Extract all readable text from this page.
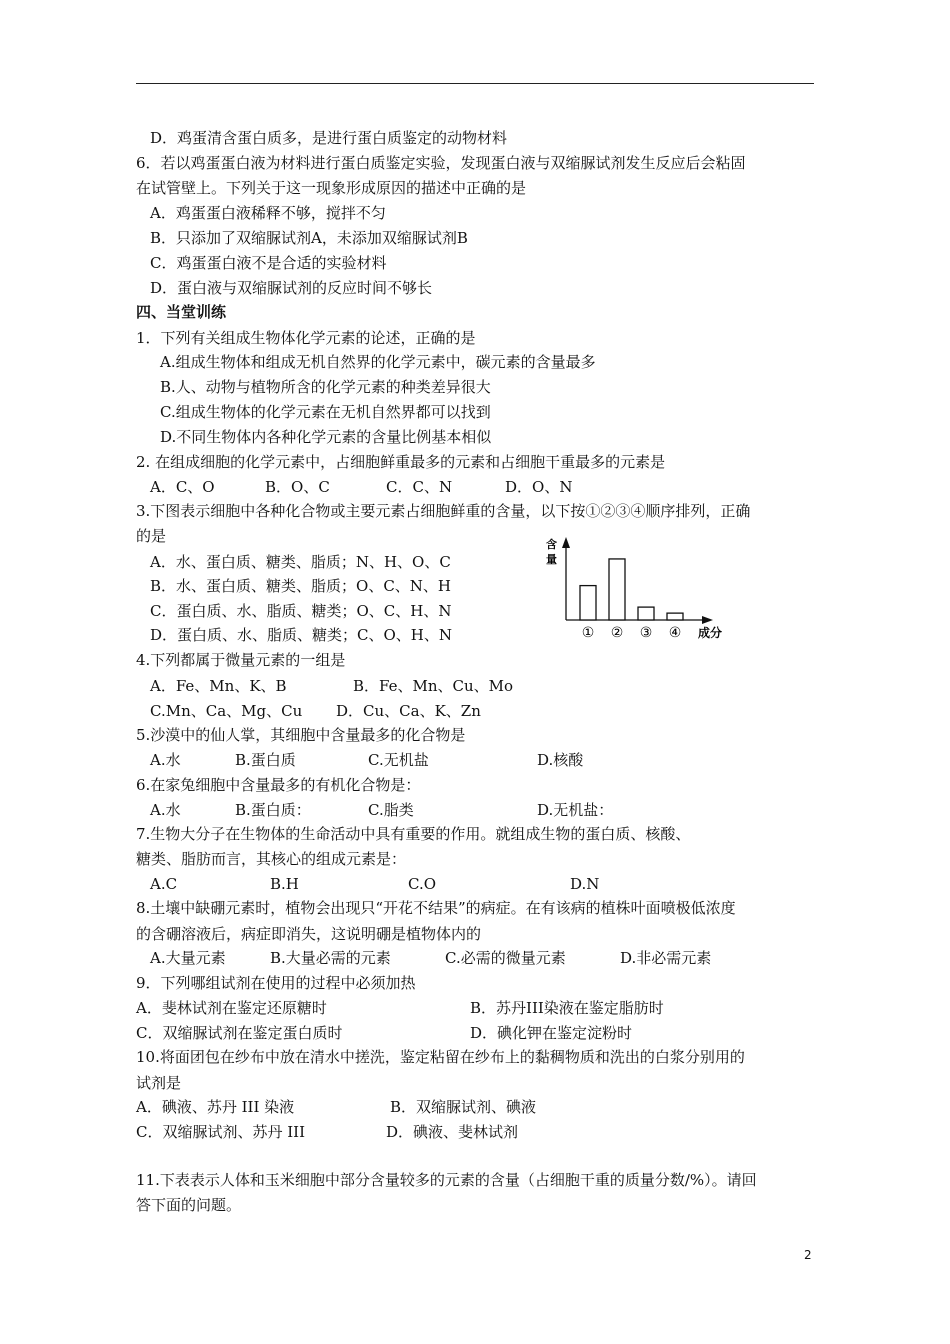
D．鸡蛋清含蛋白质多，是进行蛋白质鉴定的动物材料
6．若以鸡蛋蛋白液为材料进行蛋白质鉴定实验，发现蛋白液与双缩脲试剂发生反应后会粘固
在试管壁上。下列关于这一现象形成原因的描述中正确的是
A．鸡蛋蛋白液稀释不够，搅拌不匀
B．只添加了双缩脲试剂A，未添加双缩脲试剂B
C．鸡蛋蛋白液不是合适的实验材料
D．蛋白液与双缩脲试剂的反应时间不够长
四、当堂训练
1．下列有关组成生物体化学元素的论述，正确的是
A.组成生物体和组成无机自然界的化学元素中，碳元素的含量最多
B.人、动物与植物所含的化学元素的种类差异很大
C.组成生物体的化学元素在无机自然界都可以找到
D.不同生物体内各种化学元素的含量比例基本相似
2. 在组成细胞的化学元素中，占细胞鲜重最多的元素和占细胞干重最多的元素是
A．C、O	B．O、C	C．C、N	D．O、N
3.下图表示细胞中各种化合物或主要元素占细胞鲜重的含量，以下按①②③④顺序排列，正确
的是
A．水、蛋白质、糖类、脂质；N、H、O、C
B．水、蛋白质、糖类、脂质；O、C、N、H
C．蛋白质、水、脂质、糖类；O、C、H、N
D．蛋白质、水、脂质、糖类；C、O、H、N
4.下列都属于微量元素的一组是
A．Fe、Mn、K、B	B．Fe、Mn、Cu、Mo
C.Mn、Ca、Mg、Cu D．Cu、Ca、K、Zn
5.沙漠中的仙人掌，其细胞中含量最多的化合物是
A.水	B.蛋白质	C.无机盐	D.核酸
6.在家兔细胞中含量最多的有机化合物是：
A.水	B.蛋白质：	C.脂类	D.无机盐：
7.生物大分子在生物体的生命活动中具有重要的作用。就组成生物的蛋白质、核酸、
糖类、脂肪而言，其核心的组成元素是：
A.C	B.H	C.O	D.N
8.土壤中缺硼元素时，植物会出现只“开花不结果”的病症。在有该病的植株叶面喷极低浓度
的含硼溶液后，病症即消失，这说明硼是植物体内的
A.大量元素	B.大量必需的元素	C.必需的微量元素	D.非必需元素
9．下列哪组试剂在使用的过程中必须加热
A．斐林试剂在鉴定还原糖时	B．苏丹III染液在鉴定脂肪时
C．双缩脲试剂在鉴定蛋白质时	D．碘化钾在鉴定淀粉时
10.将面团包在纱布中放在清水中搓洗，鉴定粘留在纱布上的黏稠物质和洗出的白浆分别用的
试剂是
A．碘液、苏丹 III 染液	B．双缩脲试剂、碘液
C．双缩脲试剂、苏丹 III	D．碘液、斐林试剂
11.下表表示人体和玉米细胞中部分含量较多的元素的含量（占细胞干重的质量分数/%）。请回
答下面的问题。
含
量
成分
① ② ③ ④
2
